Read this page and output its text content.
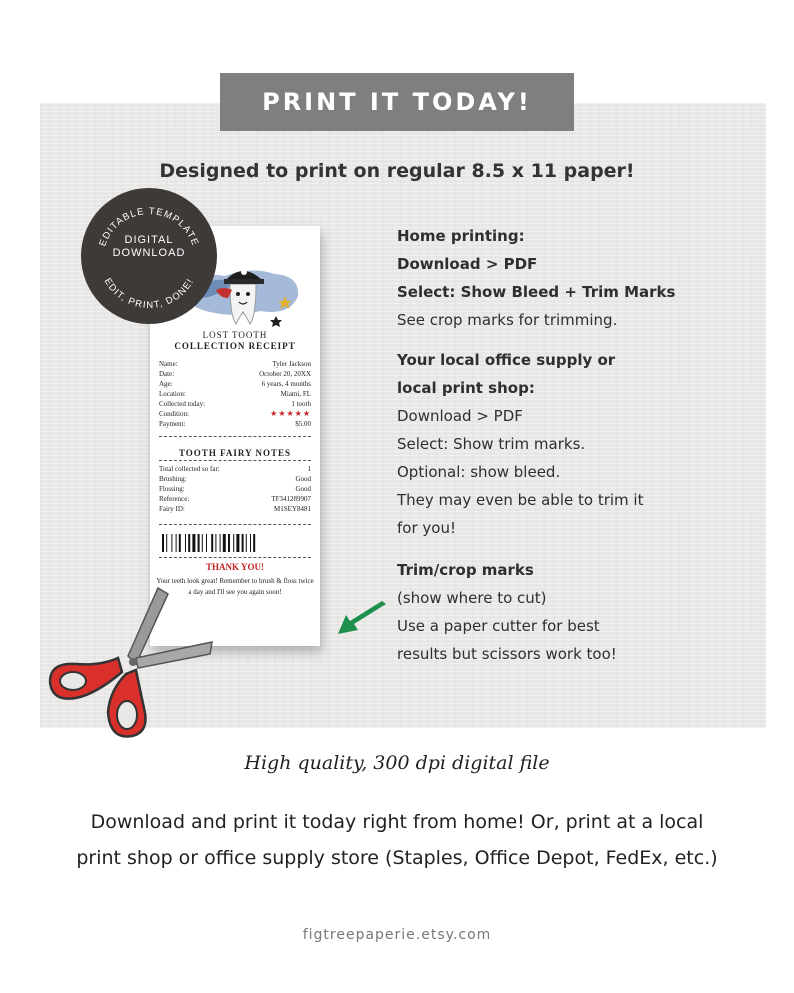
PRINT IT TODAY!
Designed to print on regular 8.5 x 11 paper!
LOST TOOTH
COLLECTION RECEIPT
Name:	Tyler Jackson
Date:	October 20, 20XX
Age:	6 years, 4 months
Location:	Miami, FL
Collected today:	1 tooth
Condition:	★★★★★
Payment:	$5.00
TOOTH FAIRY NOTES
Total collected so far:	1
Brushing:	Good
Flossing:	Good
Reference:	TF341289907
Fairy ID:	M1SEY8481
THANK YOU!
Your teeth look great! Remember to brush & floss twice a day and I'll see you again soon!
EDITABLE TEMPLATE
EDIT, PRINT, DONE!
DIGITAL
DOWNLOAD
Home printing:
Download > PDF
Select: Show Bleed + Trim Marks
See crop marks for trimming.
Your local office supply or
local print shop:
Download > PDF
Select: Show trim marks.
Optional: show bleed.
They may even be able to trim it
for you!
Trim/crop marks
(show where to cut)
Use a paper cutter for best
results but scissors work too!
High quality, 300 dpi digital file
Download and print it today right from home! Or, print at a local
print shop or office supply store (Staples, Office Depot, FedEx, etc.)
figtreepaperie.etsy.com
